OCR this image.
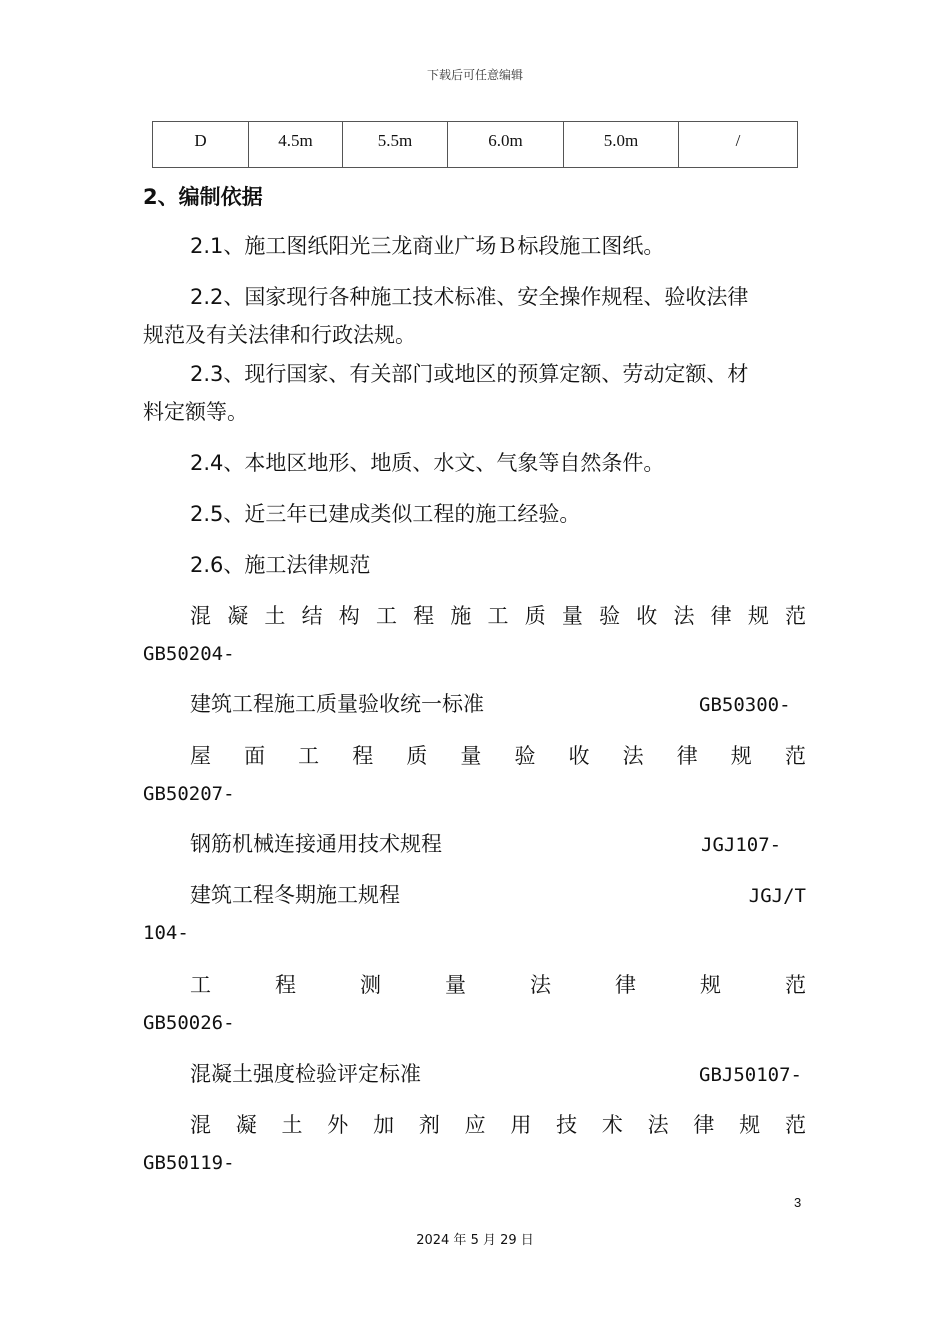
下载后可任意编辑
D	4.5m	5.5m	6.0m	5.0m	/
2、编制依据
2.1、施工图纸阳光三龙商业广场Ｂ标段施工图纸。
2.2、国家现行各种施工技术标准、安全操作规程、验收法律
规范及有关法律和行政法规。
2.3、现行国家、有关部门或地区的预算定额、劳动定额、材
料定额等。
2.4、本地区地形、地质、水文、气象等自然条件。
2.5、近三年已建成类似工程的施工经验。
2.6、施工法律规范
混 凝 土 结 构 工 程 施 工 质 量 验 收 法 律 规 范
GB50204-
建筑工程施工质量验收统一标准	GB50300-
屋 面 工 程 质 量 验 收 法 律 规 范
GB50207-
钢筋机械连接通用技术规程	JGJ107-
建筑工程冬期施工规程	JGJ/T
104-
工	程	测	量	法	律	规	范
GB50026-
混凝土强度检验评定标准	GBJ50107-
混 凝 土 外 加 剂 应 用 技 术 法 律 规 范
GB50119-
3
2024 年 5 月 29 日
